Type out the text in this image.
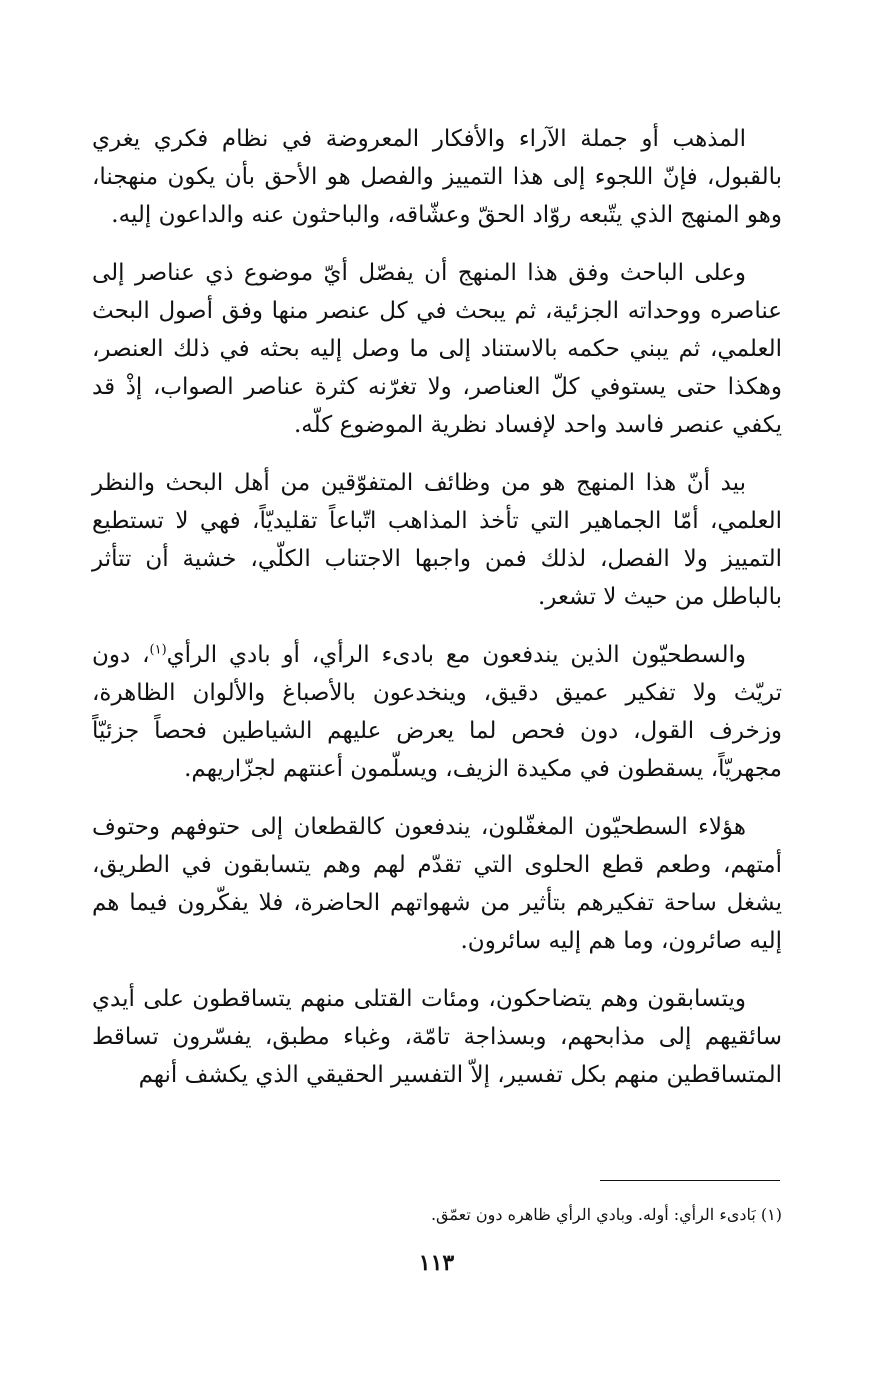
المذهب أو جملة الآراء والأفكار المعروضة في نظام فكري يغري بالقبول، فإنّ اللجوء إلى هذا التمييز والفصل هو الأحق بأن يكون منهجنا، وهو المنهج الذي يتّبعه روّاد الحقّ وعشّاقه، والباحثون عنه والداعون إليه.

وعلى الباحث وفق هذا المنهج أن يفصّل أيّ موضوع ذي عناصر إلى عناصره ووحداته الجزئية، ثم يبحث في كل عنصر منها وفق أصول البحث العلمي، ثم يبني حكمه بالاستناد إلى ما وصل إليه بحثه في ذلك العنصر، وهكذا حتى يستوفي كلّ العناصر، ولا تغرّنه كثرة عناصر الصواب، إذْ قد يكفي عنصر فاسد واحد لإفساد نظرية الموضوع كلّه.

بيد أنّ هذا المنهج هو من وظائف المتفوّقين من أهل البحث والنظر العلمي، أمّا الجماهير التي تأخذ المذاهب اتّباعاً تقليديّاً، فهي لا تستطيع التمييز ولا الفصل، لذلك فمن واجبها الاجتناب الكلّي، خشية أن تتأثر بالباطل من حيث لا تشعر.

والسطحيّون الذين يندفعون مع بادىء الرأي، أو بادي الرأي$^{(١)}$، دون تريّث ولا تفكير عميق دقيق، وينخدعون بالأصباغ والألوان الظاهرة، وزخرف القول، دون فحص لما يعرض عليهم الشياطين فحصاً جزئيّاً مجهريّاً، يسقطون في مكيدة الزيف، ويسلّمون أعنتهم لجزّاريهم.

هؤلاء السطحيّون المغفّلون، يندفعون كالقطعان إلى حتوفهم وحتوف أمتهم، وطعم قطع الحلوى التي تقدّم لهم وهم يتسابقون في الطريق، يشغل ساحة تفكيرهم بتأثير من شهواتهم الحاضرة، فلا يفكّرون فيما هم إليه صائرون، وما هم إليه سائرون.

ويتسابقون وهم يتضاحكون، ومئات القتلى منهم يتساقطون على أيدي سائقيهم إلى مذابحهم، وبسذاجة تامّة، وغباء مطبق، يفسّرون تساقط المتساقطين منهم بكل تفسير، إلاّ التفسير الحقيقي الذي يكشف أنهم

(١) بَادىء الرأي: أوله. وبادي الرأي ظاهره دون تعمّق.
١١٣
